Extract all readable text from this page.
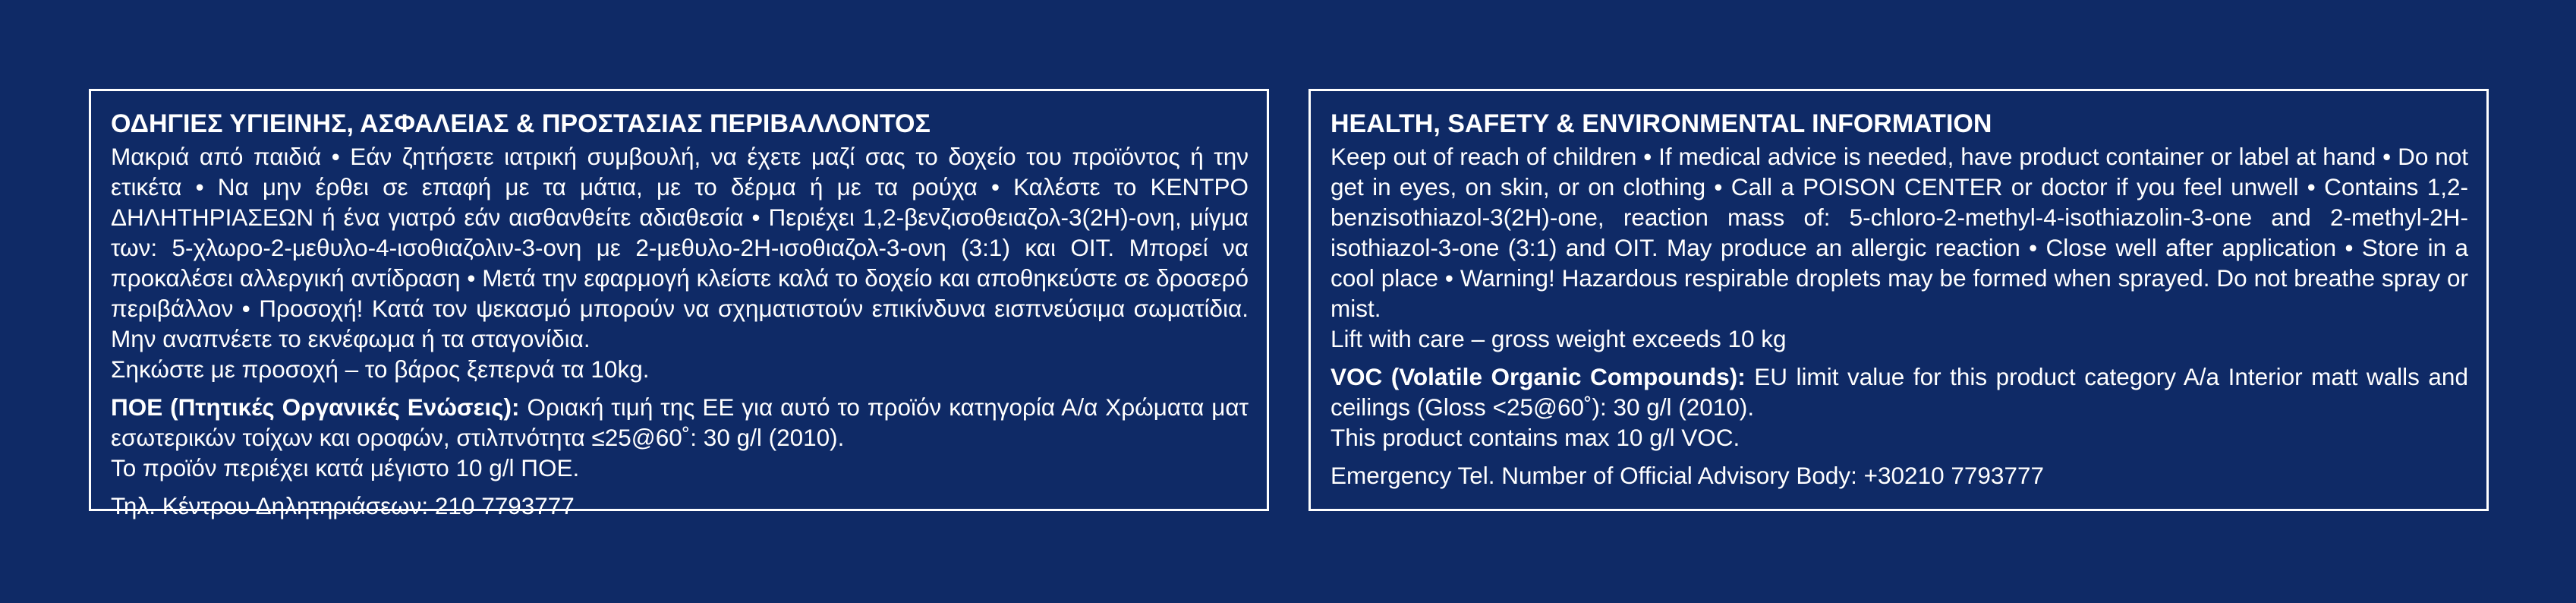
ΟΔΗΓΙΕΣ ΥΓΙΕΙΝΗΣ, ΑΣΦΑΛΕΙΑΣ & ΠΡΟΣΤΑΣΙΑΣ ΠΕΡΙΒΑΛΛΟΝΤΟΣ

Μακριά από παιδιά • Εάν ζητήσετε ιατρική συμβουλή, να έχετε μαζί σας το δοχείο του προϊόντος ή την ετικέτα • Να μην έρθει σε επαφή με τα μάτια, με το δέρμα ή με τα ρούχα • Καλέστε το ΚΕΝΤΡΟ ΔΗΛΗΤΗΡΙΑΣΕΩΝ ή ένα γιατρό εάν αισθανθείτε αδιαθεσία • Περιέχει 1,2-βενζισοθειαζολ-3(2Η)-ονη, μίγμα των: 5-χλωρο-2-μεθυλο-4-ισοθιαζολιν-3-ονη με 2-μεθυλο-2Η-ισοθιαζολ-3-ονη (3:1) και ΟΙΤ. Μπορεί να προκαλέσει αλλεργική αντίδραση • Μετά την εφαρμογή κλείστε καλά το δοχείο και αποθηκεύστε σε δροσερό περιβάλλον • Προσοχή! Κατά τον ψεκασμό μπορούν να σχηματιστούν επικίνδυνα εισπνεύσιμα σωματίδια. Μην αναπνέετε το εκνέφωμα ή τα σταγονίδια.

Σηκώστε με προσοχή – το βάρος ξεπερνά τα 10kg.

ΠΟΕ (Πτητικές Οργανικές Ενώσεις): Οριακή τιμή της ΕΕ για αυτό το προϊόν κατηγορία Α/α Χρώματα ματ εσωτερικών τοίχων και οροφών, στιλπνότητα ≤25@60˚: 30 g/l (2010).

Το προϊόν περιέχει κατά μέγιστο 10 g/l ΠΟΕ.

Τηλ. Κέντρου Δηλητηριάσεων: 210 7793777

HEALTH, SAFETY & ENVIRONMENTAL INFORMATION

Keep out of reach of children • If medical advice is needed, have product container or label at hand • Do not get in eyes, on skin, or on clothing • Call a POISON CENTER or doctor if you feel unwell • Contains 1,2-benzisothiazol-3(2H)-one, reaction mass of: 5-chloro-2-methyl-4-isothiazolin-3-one and 2-methyl-2H-isothiazol-3-one (3:1) and OIT. May produce an allergic reaction • Close well after application • Store in a cool place • Warning! Hazardous respirable droplets may be formed when sprayed. Do not breathe spray or mist.

Lift with care – gross weight exceeds 10 kg

VOC (Volatile Organic Compounds): EU limit value for this product category A/a Interior matt walls and ceilings (Gloss <25@60˚): 30 g/l (2010).

This product contains max 10 g/l VOC.

Emergency Tel. Number of Official Advisory Body: +30210 7793777
